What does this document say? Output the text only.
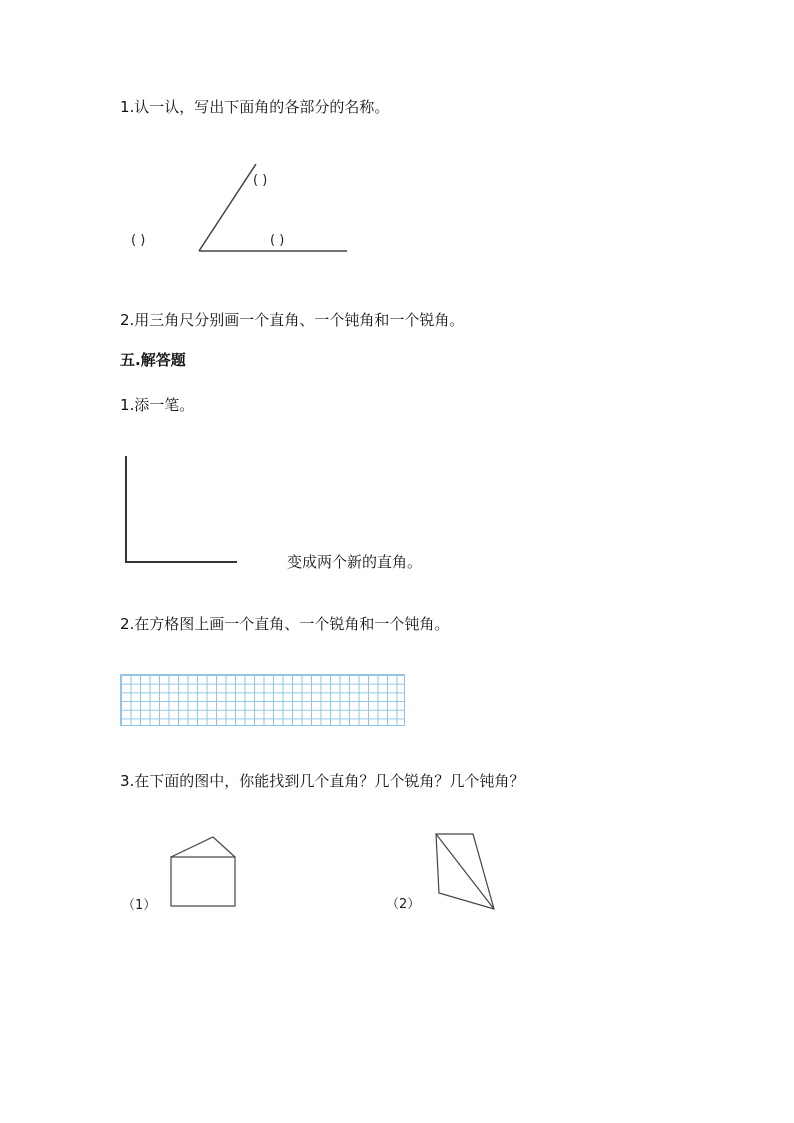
1.认一认，写出下面角的各部分的名称。
( )
( )	( )
2.用三角尺分别画一个直角、一个钝角和一个锐角。
五.解答题
1.添一笔。
变成两个新的直角。
2.在方格图上画一个直角、一个锐角和一个钝角。
3.在下面的图中，你能找到几个直角？几个锐角？几个钝角？
（1）	（2）
